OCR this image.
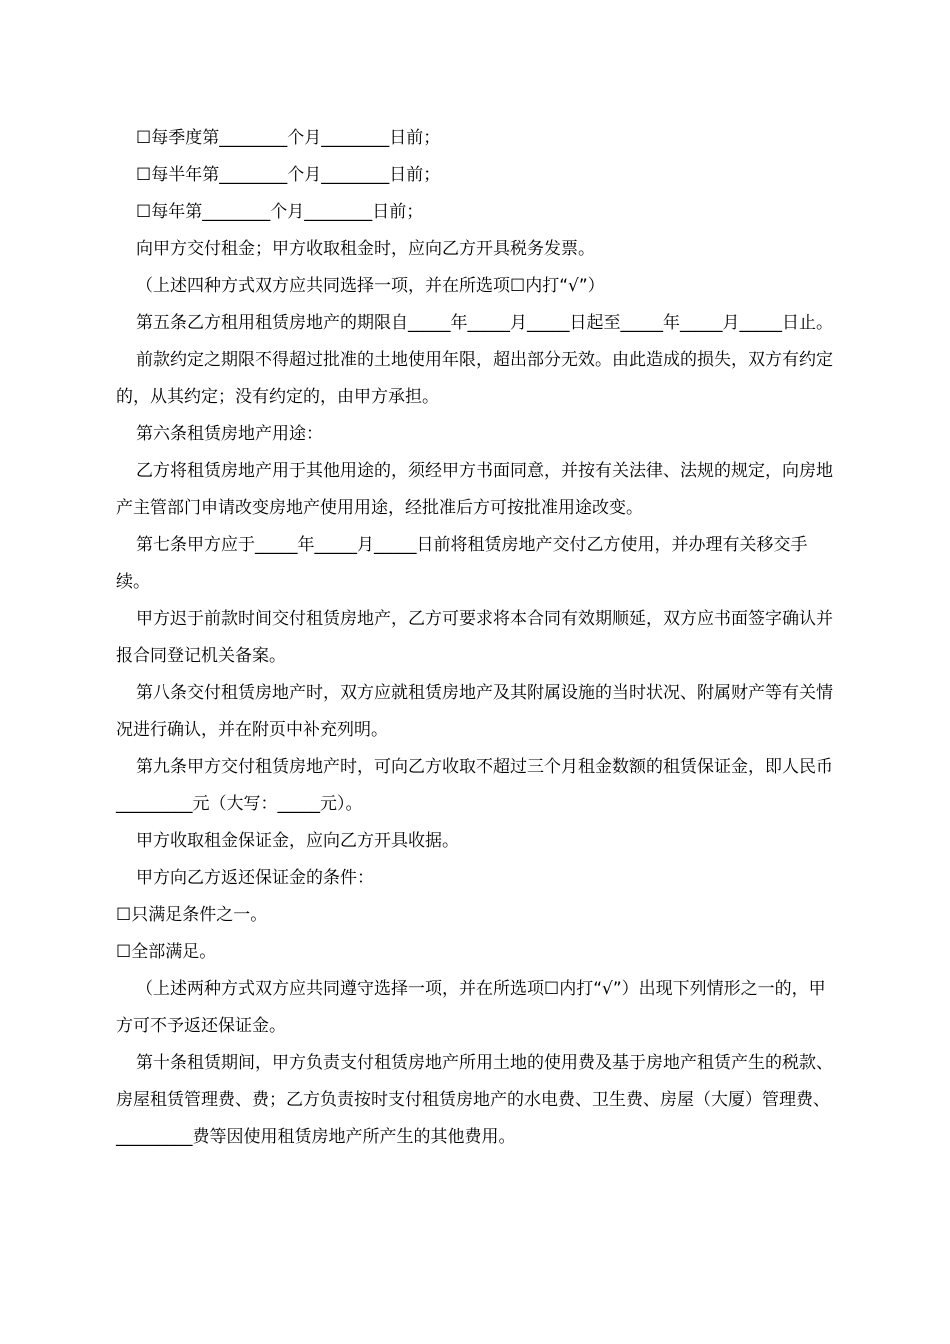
☐每季度第________个月________日前；

☐每半年第________个月________日前；

☐每年第________个月________日前；

向甲方交付租金；甲方收取租金时，应向乙方开具税务发票。

（上述四种方式双方应共同选择一项，并在所选项☐内打“√”）

第五条乙方租用租赁房地产的期限自_____年_____月_____日起至_____年_____月_____日止。

前款约定之期限不得超过批准的土地使用年限，超出部分无效。由此造成的损失，双方有约定的，从其约定；没有约定的，由甲方承担。

第六条租赁房地产用途：

乙方将租赁房地产用于其他用途的，须经甲方书面同意，并按有关法律、法规的规定，向房地产主管部门申请改变房地产使用用途，经批准后方可按批准用途改变。

第七条甲方应于_____年_____月_____日前将租赁房地产交付乙方使用，并办理有关移交手续。

甲方迟于前款时间交付租赁房地产，乙方可要求将本合同有效期顺延，双方应书面签字确认并报合同登记机关备案。

第八条交付租赁房地产时，双方应就租赁房地产及其附属设施的当时状况、附属财产等有关情况进行确认，并在附页中补充列明。

第九条甲方交付租赁房地产时，可向乙方收取不超过三个月租金数额的租赁保证金，即人民币_________元（大写：_____元）。

甲方收取租金保证金，应向乙方开具收据。

甲方向乙方返还保证金的条件：

☐只满足条件之一。

☐全部满足。

（上述两种方式双方应共同遵守选择一项，并在所选项☐内打“√”）出现下列情形之一的，甲方可不予返还保证金。

第十条租赁期间，甲方负责支付租赁房地产所用土地的使用费及基于房地产租赁产生的税款、房屋租赁管理费、费；乙方负责按时支付租赁房地产的水电费、卫生费、房屋（大厦）管理费、_________费等因使用租赁房地产所产生的其他费用。
